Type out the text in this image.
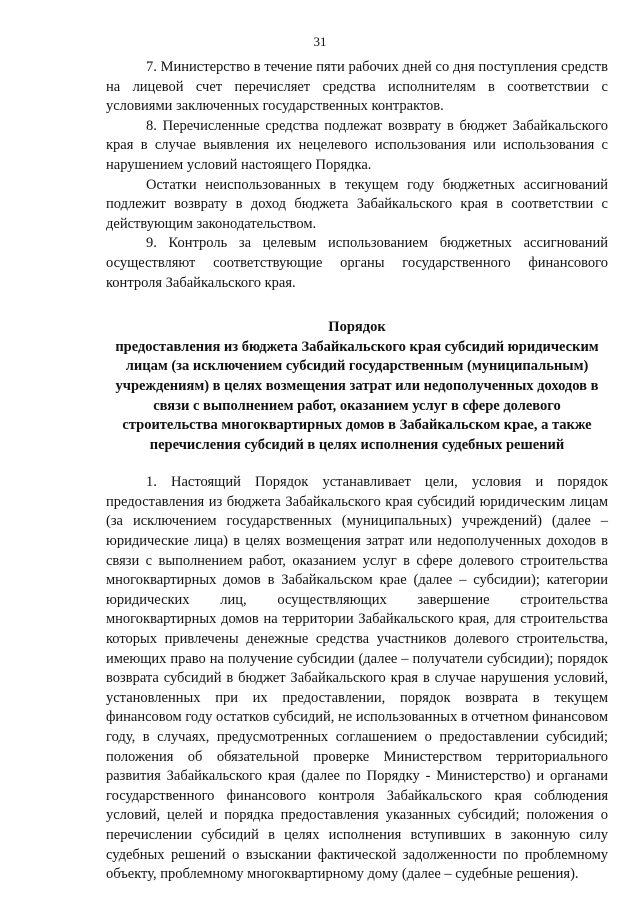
31

7. Министерство в течение пяти рабочих дней со дня поступления средств на лицевой счет перечисляет средства исполнителям в соответствии с условиями заключенных государственных контрактов.

8. Перечисленные средства подлежат возврату в бюджет Забайкальского края в случае выявления их нецелевого использования или использования с нарушением условий настоящего Порядка.

Остатки неиспользованных в текущем году бюджетных ассигнований подлежит возврату в доход бюджета Забайкальского края в соответствии с действующим законодательством.

9. Контроль за целевым использованием бюджетных ассигнований осуществляют соответствующие органы государственного финансового контроля Забайкальского края.

Порядок

предоставления из бюджета Забайкальского края субсидий юридическим лицам (за исключением субсидий государственным (муниципальным) учреждениям) в целях возмещения затрат или недополученных доходов в связи с выполнением работ, оказанием услуг в сфере долевого строительства многоквартирных домов в Забайкальском крае, а также перечисления субсидий в целях исполнения судебных решений

1. Настоящий Порядок устанавливает цели, условия и порядок предоставления из бюджета Забайкальского края субсидий юридическим лицам (за исключением государственных (муниципальных) учреждений) (далее – юридические лица) в целях возмещения затрат или недополученных доходов в связи с выполнением работ, оказанием услуг в сфере долевого строительства многоквартирных домов в Забайкальском крае (далее – субсидии); категории юридических лиц, осуществляющих завершение строительства многоквартирных домов на территории Забайкальского края, для строительства которых привлечены денежные средства участников долевого строительства, имеющих право на получение субсидии (далее – получатели субсидии); порядок возврата субсидий в бюджет Забайкальского края в случае нарушения условий, установленных при их предоставлении, порядок возврата в текущем финансовом году остатков субсидий, не использованных в отчетном финансовом году, в случаях, предусмотренных соглашением о предоставлении субсидий; положения об обязательной проверке Министерством территориального развития Забайкальского края (далее по Порядку - Министерство) и органами государственного финансового контроля Забайкальского края соблюдения условий, целей и порядка предоставления указанных субсидий; положения о перечислении субсидий в целях исполнения вступивших в законную силу судебных решений о взыскании фактической задолженности по проблемному объекту, проблемному многоквартирному дому (далее – судебные решения).
